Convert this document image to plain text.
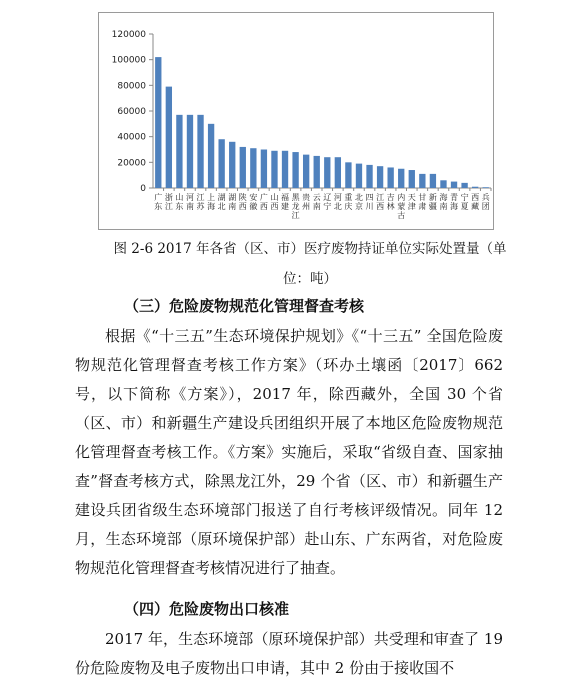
0
20000
40000
60000
80000
100000
120000
广东
浙江
山东
河南
江苏
上海
湖北
湖南
陕西
安徽
广西
山西
福建
黑龙江
贵州
云南
辽宁
河北
重庆
北京
四川
江西
吉林
内蒙古
天津
甘肃
新疆
海南
青海
宁夏
西藏
兵团
图 2-6 2017 年各省（区、市）医疗废物持证单位实际处置量（单
位：吨）
（三）危险废物规范化管理督查考核
根据《“十三五”生态环境保护规划》《“十三五” 全国危险废物规范化管理督查考核工作方案》（环办土壤函〔2017〕662号，以下简称《方案》），2017 年，除西藏外，全国 30 个省（区、市）和新疆生产建设兵团组织开展了本地区危险废物规范化管理督查考核工作。《方案》实施后，采取“省级自查、国家抽查”督查考核方式，除黑龙江外，29 个省（区、市）和新疆生产建设兵团省级生态环境部门报送了自行考核评级情况。同年 12 月，生态环境部（原环境保护部）赴山东、广东两省，对危险废物规范化管理督查考核情况进行了抽查。
（四）危险废物出口核准
2017 年，生态环境部（原环境保护部）共受理和审查了 19 份危险废物及电子废物出口申请，其中 2 份由于接收国不
